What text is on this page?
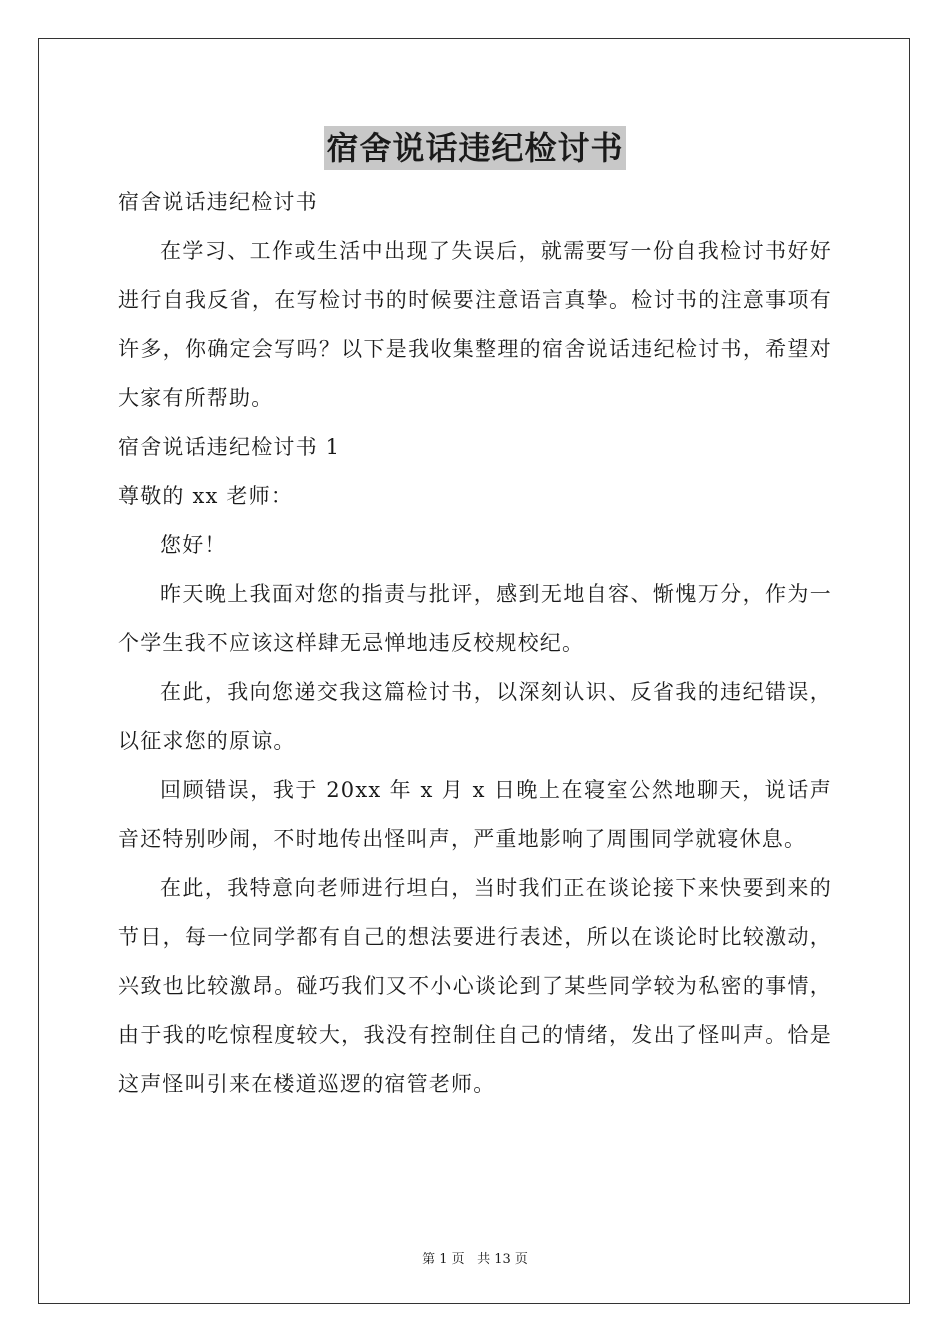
宿舍说话违纪检讨书

宿舍说话违纪检讨书

在学习、工作或生活中出现了失误后，就需要写一份自我检讨书好好进行自我反省，在写检讨书的时候要注意语言真挚。检讨书的注意事项有许多，你确定会写吗？以下是我收集整理的宿舍说话违纪检讨书，希望对大家有所帮助。

宿舍说话违纪检讨书 1

尊敬的 xx 老师：

您好！

昨天晚上我面对您的指责与批评，感到无地自容、惭愧万分，作为一个学生我不应该这样肆无忌惮地违反校规校纪。

在此，我向您递交我这篇检讨书，以深刻认识、反省我的违纪错误，以征求您的原谅。

回顾错误，我于 20xx 年 x 月 x 日晚上在寝室公然地聊天，说话声音还特别吵闹，不时地传出怪叫声，严重地影响了周围同学就寝休息。

在此，我特意向老师进行坦白，当时我们正在谈论接下来快要到来的节日，每一位同学都有自己的想法要进行表述，所以在谈论时比较激动，兴致也比较激昂。碰巧我们又不小心谈论到了某些同学较为私密的事情，由于我的吃惊程度较大，我没有控制住自己的情绪，发出了怪叫声。恰是这声怪叫引来在楼道巡逻的宿管老师。

第 1 页 共 13 页
